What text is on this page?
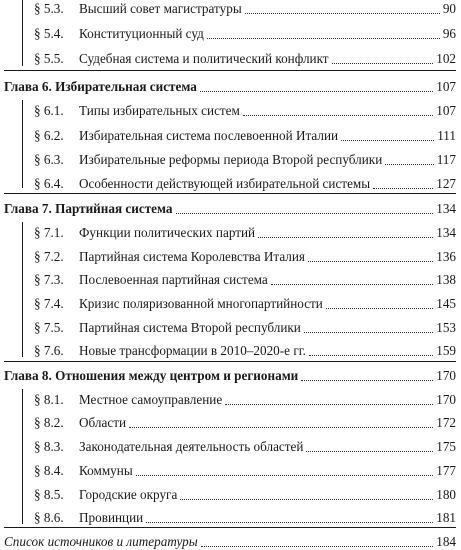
§ 5.3. Высший совет магистратуры	90
§ 5.4. Конституционный суд	96
§ 5.5. Судебная система и политический конфликт	102
Глава 6. Избирательная система	107
§ 6.1. Типы избирательных систем	107
§ 6.2. Избирательная система послевоенной Италии	111
§ 6.3. Избирательные реформы периода Второй республики	117
§ 6.4. Особенности действующей избирательной системы	127
Глава 7. Партийная система	134
§ 7.1. Функции политических партий	134
§ 7.2. Партийная система Королевства Италия	136
§ 7.3. Послевоенная партийная система	138
§ 7.4. Кризис поляризованной многопартийности	145
§ 7.5. Партийная система Второй республики	153
§ 7.6. Новые трансформации в 2010–2020-е гг.	159
Глава 8. Отношения между центром и регионами	170
§ 8.1. Местное самоуправление	170
§ 8.2. Области	172
§ 8.3. Законодательная деятельность областей	175
§ 8.4. Коммуны	177
§ 8.5. Городские округа	180
§ 8.6. Провинции	181
Список источников и литературы	184
